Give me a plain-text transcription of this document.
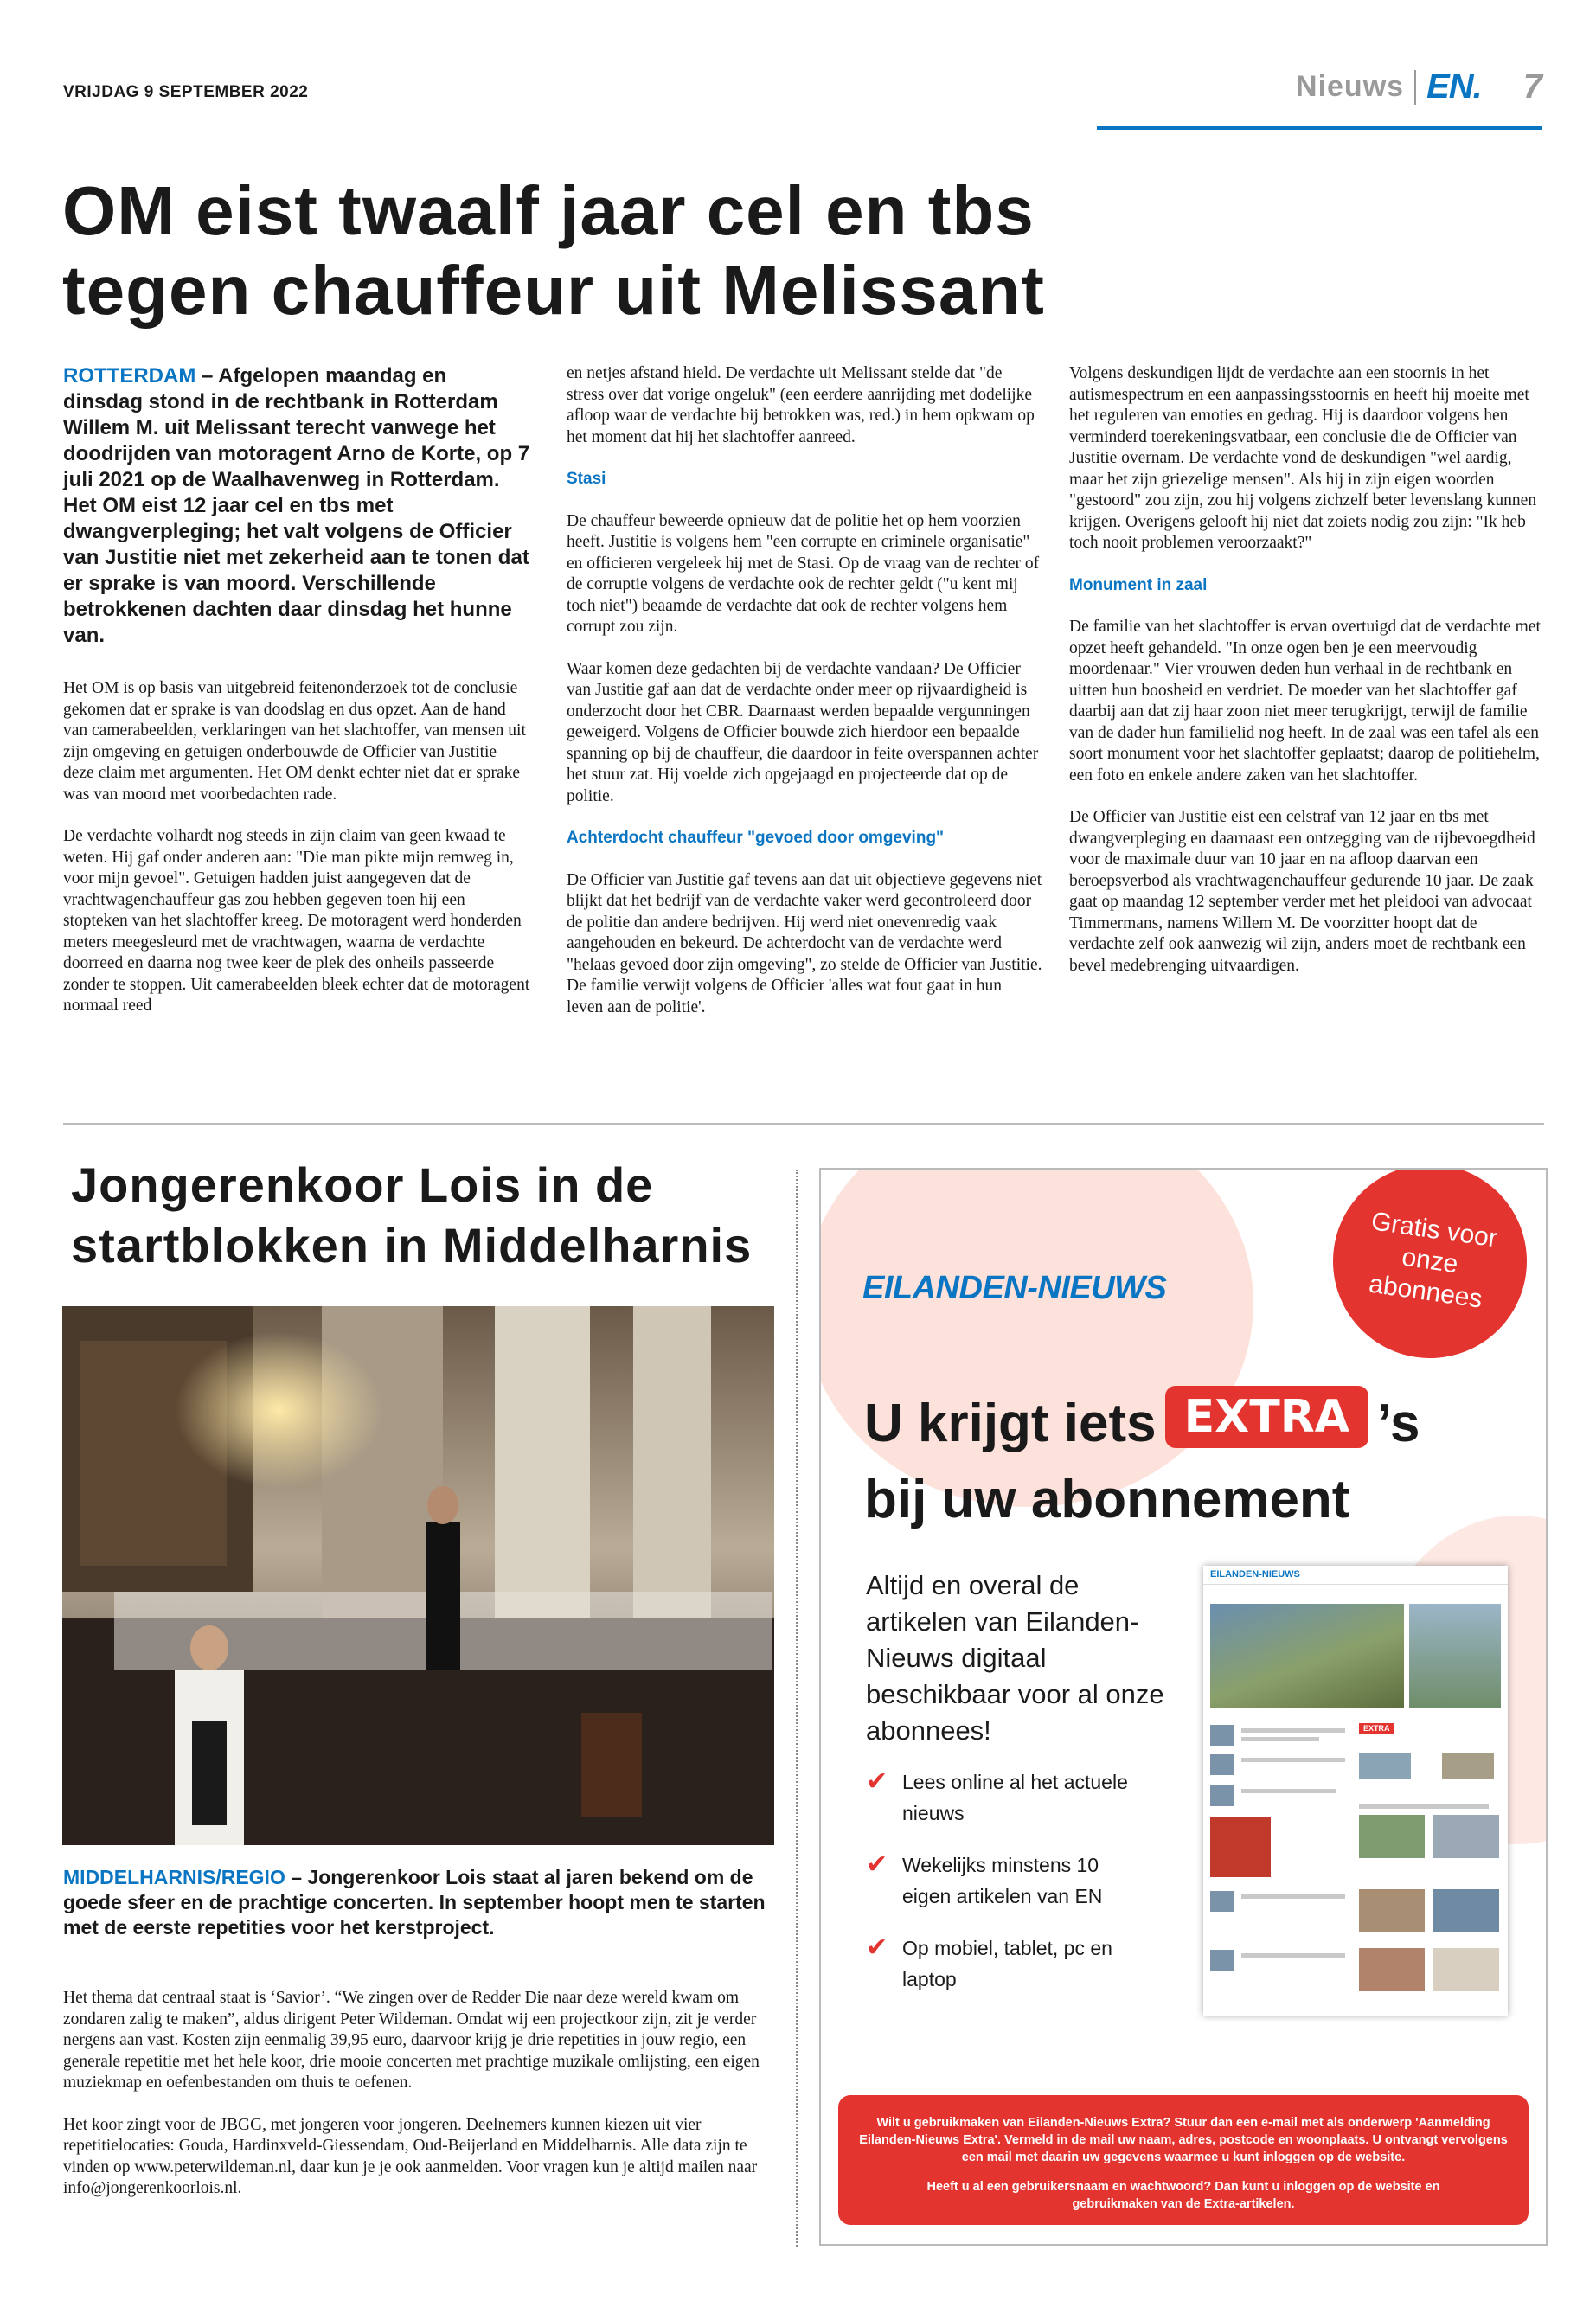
VRIJDAG 9 SEPTEMBER 2022	Nieuws EN. 7
OM eist twaalf jaar cel en tbs tegen chauffeur uit Melissant
ROTTERDAM – Afgelopen maandag en dinsdag stond in de rechtbank in Rotterdam Willem M. uit Melissant terecht vanwege het doodrijden van motoragent Arno de Korte, op 7 juli 2021 op de Waalhavenweg in Rotterdam. Het OM eist 12 jaar cel en tbs met dwangverpleging; het valt volgens de Officier van Justitie niet met zekerheid aan te tonen dat er sprake is van moord. Verschillende betrokkenen dachten daar dinsdag het hunne van.

Het OM is op basis van uitgebreid feitenonderzoek tot de conclusie gekomen dat er sprake is van doodslag en dus opzet. Aan de hand van camerabeelden, verklaringen van het slachtoffer, van mensen uit zijn omgeving en getuigen onderbouwde de Officier van Justitie deze claim met argumenten. Het OM denkt echter niet dat er sprake was van moord met voorbedachten rade.

De verdachte volhardt nog steeds in zijn claim van geen kwaad te weten. Hij gaf onder anderen aan: "Die man pikte mijn remweg in, voor mijn gevoel". Getuigen hadden juist aangegeven dat de vrachtwagenchauffeur gas zou hebben gegeven toen hij een stopteken van het slachtoffer kreeg. De motoragent werd honderden meters meegesleurd met de vrachtwagen, waarna de verdachte doorreed en daarna nog twee keer de plek des onheils passeerde zonder te stoppen. Uit camerabeelden bleek echter dat de motoragent normaal reed

en netjes afstand hield. De verdachte uit Melissant stelde dat "de stress over dat vorige ongeluk" (een eerdere aanrijding met dodelijke afloop waar de verdachte bij betrokken was, red.) in hem opkwam op het moment dat hij het slachtoffer aanreed.

Stasi

De chauffeur beweerde opnieuw dat de politie het op hem voorzien heeft. Justitie is volgens hem "een corrupte en criminele organisatie" en officieren vergeleek hij met de Stasi. Op de vraag van de rechter of de corruptie volgens de verdachte ook de rechter geldt ("u kent mij toch niet") beaamde de verdachte dat ook de rechter volgens hem corrupt zou zijn.

Waar komen deze gedachten bij de verdachte vandaan? De Officier van Justitie gaf aan dat de verdachte onder meer op rijvaardigheid is onderzocht door het CBR. Daarnaast werden bepaalde vergunningen geweigerd. Volgens de Officier bouwde zich hierdoor een bepaalde spanning op bij de chauffeur, die daardoor in feite overspannen achter het stuur zat. Hij voelde zich opgejaagd en projecteerde dat op de politie.

Achterdocht chauffeur "gevoed door omgeving"

De Officier van Justitie gaf tevens aan dat uit objectieve gegevens niet blijkt dat het bedrijf van de verdachte vaker werd gecontroleerd door de politie dan andere bedrijven. Hij werd niet onevenredig vaak aangehouden en bekeurd. De achterdocht van de verdachte werd "helaas gevoed door zijn omgeving", zo stelde de Officier van Justitie. De familie verwijt volgens de Officier 'alles wat fout gaat in hun leven aan de politie'.

Volgens deskundigen lijdt de verdachte aan een stoornis in het autismespectrum en een aanpassingsstoornis en heeft hij moeite met het reguleren van emoties en gedrag. Hij is daardoor volgens hen verminderd toerekeningsvatbaar, een conclusie die de Officier van Justitie overnam. De verdachte vond de deskundigen "wel aardig, maar het zijn griezelige mensen". Als hij in zijn eigen woorden "gestoord" zou zijn, zou hij volgens zichzelf beter levenslang kunnen krijgen. Overigens gelooft hij niet dat zoiets nodig zou zijn: "Ik heb toch nooit problemen veroorzaakt?"

Monument in zaal

De familie van het slachtoffer is ervan overtuigd dat de verdachte met opzet heeft gehandeld. "In onze ogen ben je een meervoudig moordenaar." Vier vrouwen deden hun verhaal in de rechtbank en uitten hun boosheid en verdriet. De moeder van het slachtoffer gaf daarbij aan dat zij haar zoon niet meer terugkrijgt, terwijl de familie van de dader hun familielid nog heeft. In de zaal was een tafel als een soort monument voor het slachtoffer geplaatst; daarop de politiehelm, een foto en enkele andere zaken van het slachtoffer.

De Officier van Justitie eist een celstraf van 12 jaar en tbs met dwangverpleging en daarnaast een ontzegging van de rijbevoegdheid voor de maximale duur van 10 jaar en na afloop daarvan een beroepsverbod als vrachtwagenchauffeur gedurende 10 jaar. De zaak gaat op maandag 12 september verder met het pleidooi van advocaat Timmermans, namens Willem M. De voorzitter hoopt dat de verdachte zelf ook aanwezig wil zijn, anders moet de rechtbank een bevel medebrenging uitvaardigen.

Jongerenkoor Lois in de startblokken in Middelharnis
MIDDELHARNIS/REGIO – Jongerenkoor Lois staat al jaren bekend om de goede sfeer en de prachtige concerten. In september hoopt men te starten met de eerste repetities voor het kerstproject.

Het thema dat centraal staat is ‘Savior’. “We zingen over de Redder Die naar deze wereld kwam om zondaren zalig te maken”, aldus dirigent Peter Wildeman. Omdat wij een projectkoor zijn, zit je verder nergens aan vast. Kosten zijn eenmalig 39,95 euro, daarvoor krijg je drie repetities in jouw regio, een generale repetitie met het hele koor, drie mooie concerten met prachtige muzikale omlijsting, een eigen muziekmap en oefenbestanden om thuis te oefenen.

Het koor zingt voor de JBGG, met jongeren voor jongeren. Deelnemers kunnen kiezen uit vier repetitielocaties: Gouda, Hardinxveld-Giessendam, Oud-Beijerland en Middelharnis. Alle data zijn te vinden op www.peterwildeman.nl, daar kun je je ook aanmelden. Voor vragen kun je altijd mailen naar info@jongerenkoorlois.nl.

EILANDEN-NIEUWS
Gratis voor onze abonnees
U krijgt iets EXTRA ’s
bij uw abonnement
Altijd en overal de artikelen van Eilanden-Nieuws digitaal beschikbaar voor al onze abonnees!
✔ Lees online al het actuele nieuws
✔ Wekelijks minstens 10 eigen artikelen van EN
✔ Op mobiel, tablet, pc en laptop
EILANDEN-NIEUWS
EXTRA

Wilt u gebruikmaken van Eilanden-Nieuws Extra? Stuur dan een e-mail met als onderwerp 'Aanmelding Eilanden-Nieuws Extra'. Vermeld in de mail uw naam, adres, postcode en woonplaats. U ontvangt vervolgens een mail met daarin uw gegevens waarmee u kunt inloggen op de website.

Heeft u al een gebruikersnaam en wachtwoord? Dan kunt u inloggen op de website en gebruikmaken van de Extra-artikelen.
